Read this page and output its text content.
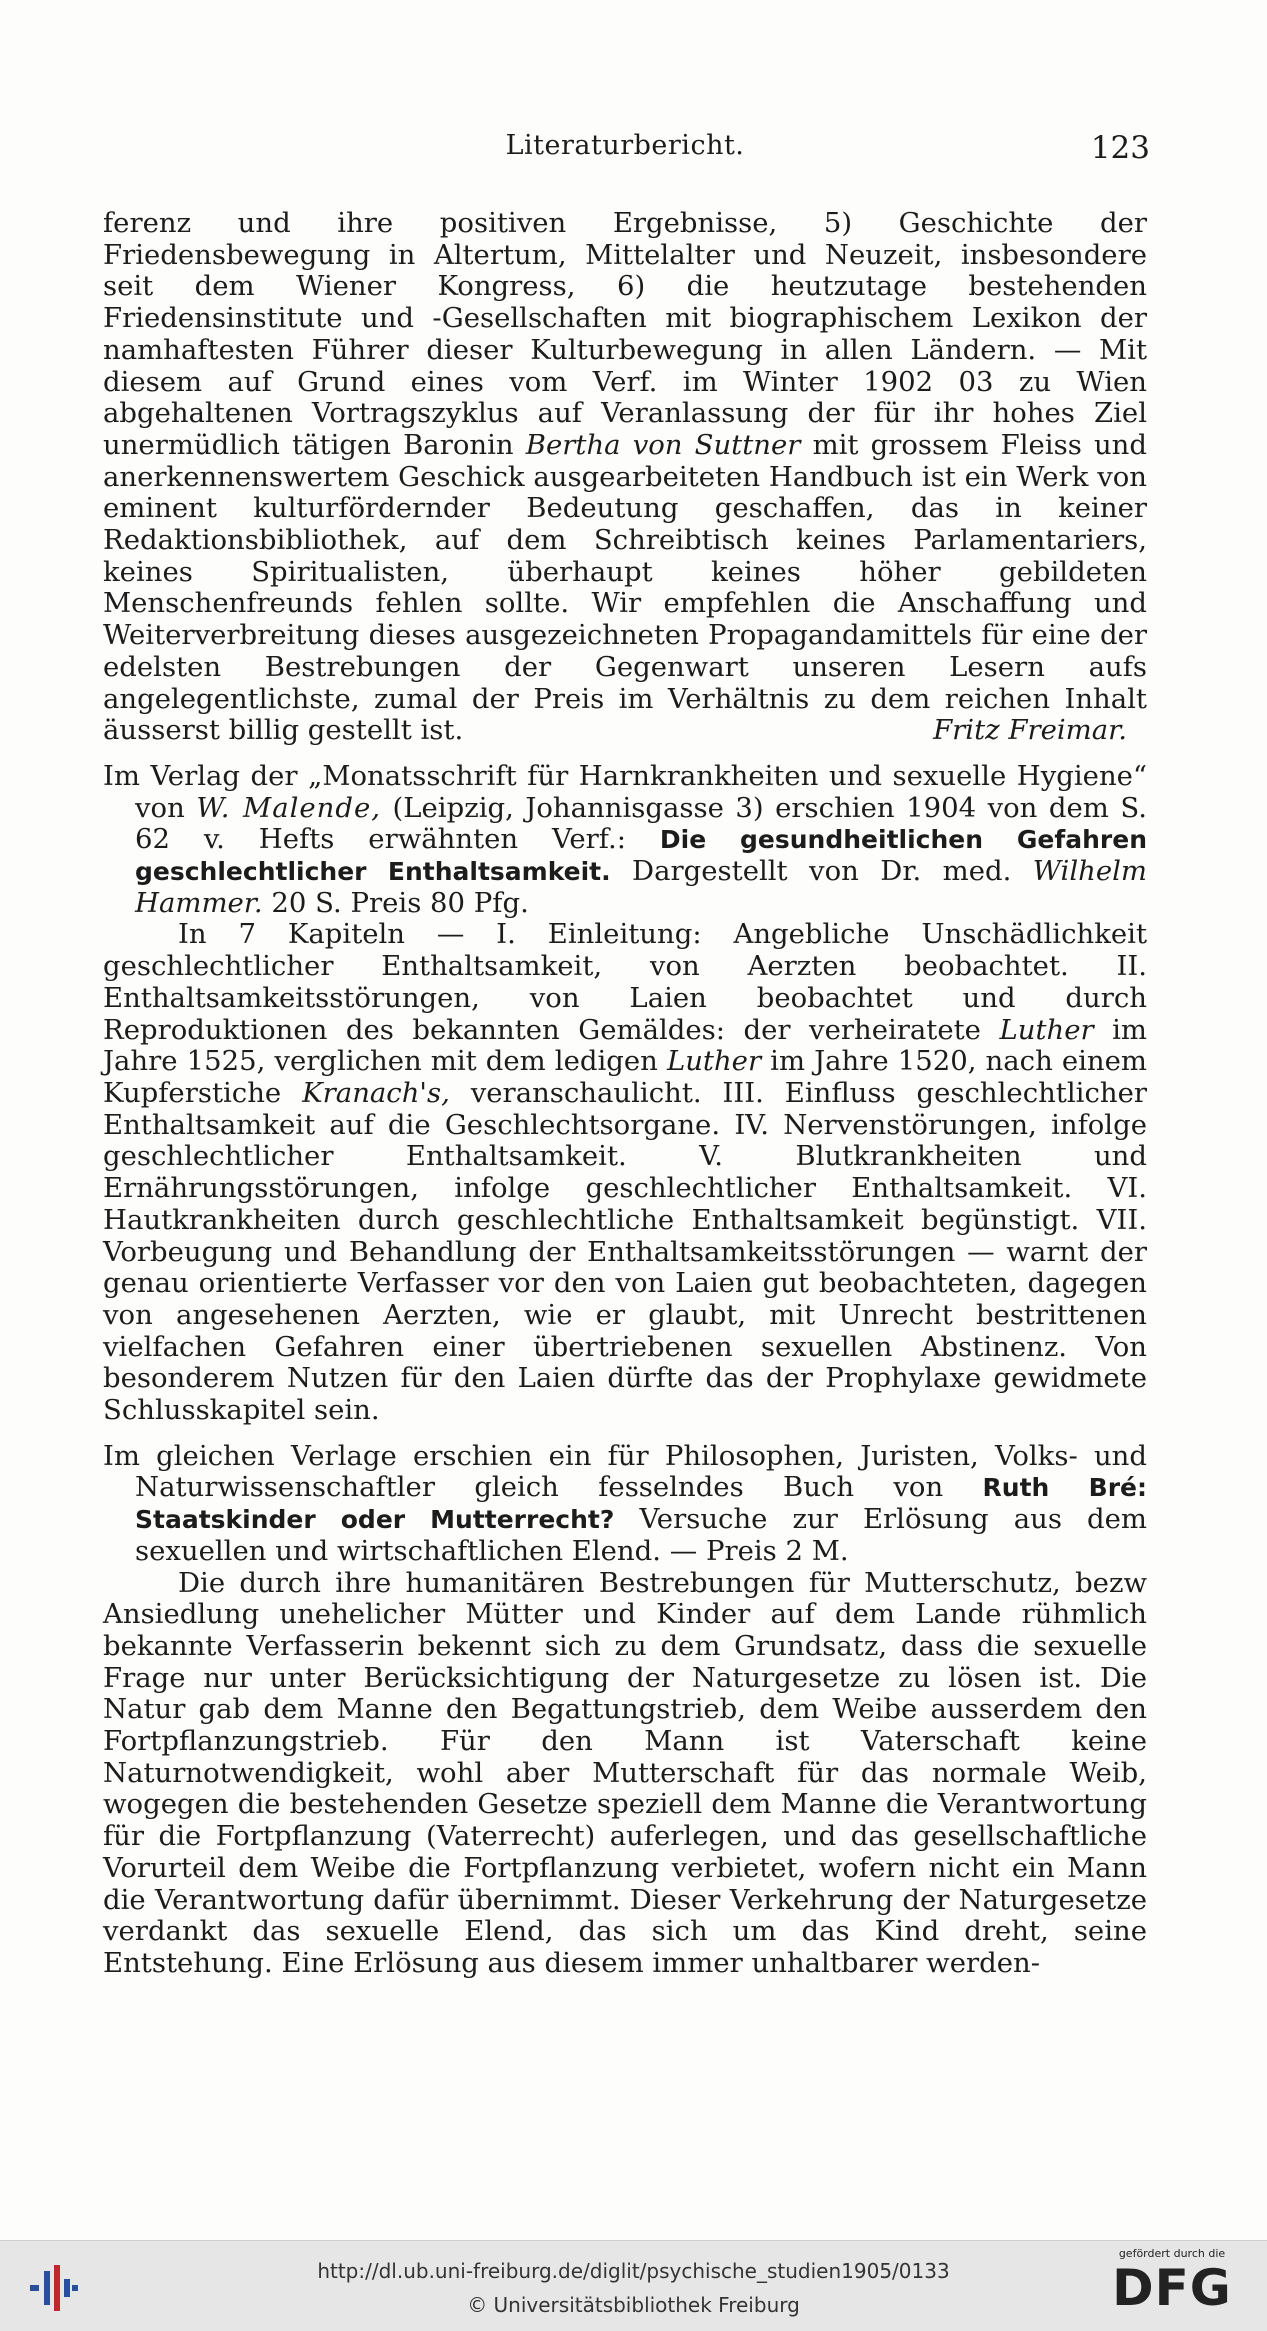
Literaturbericht.	123

ferenz und ihre positiven Ergebnisse, 5) Geschichte der Friedensbewegung in Altertum, Mittelalter und Neuzeit, insbesondere seit dem Wiener Kongress, 6) die heutzutage bestehenden Friedensinstitute und -Gesellschaften mit biographischem Lexikon der namhaftesten Führer dieser Kulturbewegung in allen Ländern. — Mit diesem auf Grund eines vom Verf. im Winter 1902 03 zu Wien abgehaltenen Vortragszyklus auf Veranlassung der für ihr hohes Ziel unermüdlich tätigen Baronin Bertha von Suttner mit grossem Fleiss und anerkennenswertem Geschick ausgearbeiteten Handbuch ist ein Werk von eminent kulturfördernder Bedeutung geschaffen, das in keiner Redaktionsbibliothek, auf dem Schreibtisch keines Parlamentariers, keines Spiritualisten, überhaupt keines höher gebildeten Menschenfreunds fehlen sollte. Wir empfehlen die Anschaffung und Weiterverbreitung dieses ausgezeichneten Propagandamittels für eine der edelsten Bestrebungen der Gegenwart unseren Lesern aufs angelegentlichste, zumal der Preis im Verhältnis zu dem reichen Inhalt äusserst billig gestellt ist.	Fritz Freimar.

Im Verlag der „Monatsschrift für Harnkrankheiten und sexuelle Hygiene“ von W. Malende, (Leipzig, Johannisgasse 3) erschien 1904 von dem S. 62 v. Hefts erwähnten Verf.: Die gesundheitlichen Gefahren geschlechtlicher Enthaltsamkeit. Dargestellt von Dr. med. Wilhelm Hammer. 20 S. Preis 80 Pfg.

In 7 Kapiteln — I. Einleitung: Angebliche Unschädlichkeit geschlechtlicher Enthaltsamkeit, von Aerzten beobachtet. II. Enthaltsamkeitsstörungen, von Laien beobachtet und durch Reproduktionen des bekannten Gemäldes: der verheiratete Luther im Jahre 1525, verglichen mit dem ledigen Luther im Jahre 1520, nach einem Kupferstiche Kranach's, veranschaulicht. III. Einfluss geschlechtlicher Enthaltsamkeit auf die Geschlechtsorgane. IV. Nervenstörungen, infolge geschlechtlicher Enthaltsamkeit. V. Blutkrankheiten und Ernährungsstörungen, infolge geschlechtlicher Enthaltsamkeit. VI. Hautkrankheiten durch geschlechtliche Enthaltsamkeit begünstigt. VII. Vorbeugung und Behandlung der Enthaltsamkeitsstörungen — warnt der genau orientierte Verfasser vor den von Laien gut beobachteten, dagegen von angesehenen Aerzten, wie er glaubt, mit Unrecht bestrittenen vielfachen Gefahren einer übertriebenen sexuellen Abstinenz. Von besonderem Nutzen für den Laien dürfte das der Prophylaxe gewidmete Schlusskapitel sein.

Im gleichen Verlage erschien ein für Philosophen, Juristen, Volks- und Naturwissenschaftler gleich fesselndes Buch von Ruth Bré: Staatskinder oder Mutterrecht? Versuche zur Erlösung aus dem sexuellen und wirtschaftlichen Elend. — Preis 2 M.

Die durch ihre humanitären Bestrebungen für Mutterschutz, bezw Ansiedlung unehelicher Mütter und Kinder auf dem Lande rühmlich bekannte Verfasserin bekennt sich zu dem Grundsatz, dass die sexuelle Frage nur unter Berücksichtigung der Naturgesetze zu lösen ist. Die Natur gab dem Manne den Begattungstrieb, dem Weibe ausserdem den Fortpflanzungstrieb. Für den Mann ist Vaterschaft keine Naturnotwendigkeit, wohl aber Mutterschaft für das normale Weib, wogegen die bestehenden Gesetze speziell dem Manne die Verantwortung für die Fortpflanzung (Vaterrecht) auferlegen, und das gesellschaftliche Vorurteil dem Weibe die Fortpflanzung verbietet, wofern nicht ein Mann die Verantwortung dafür übernimmt. Dieser Verkehrung der Naturgesetze verdankt das sexuelle Elend, das sich um das Kind dreht, seine Entstehung. Eine Erlösung aus diesem immer unhaltbarer werden-

http://dl.ub.uni-freiburg.de/diglit/psychische_studien1905/0133
© Universitätsbibliothek Freiburg
gefördert durch die
DFG
